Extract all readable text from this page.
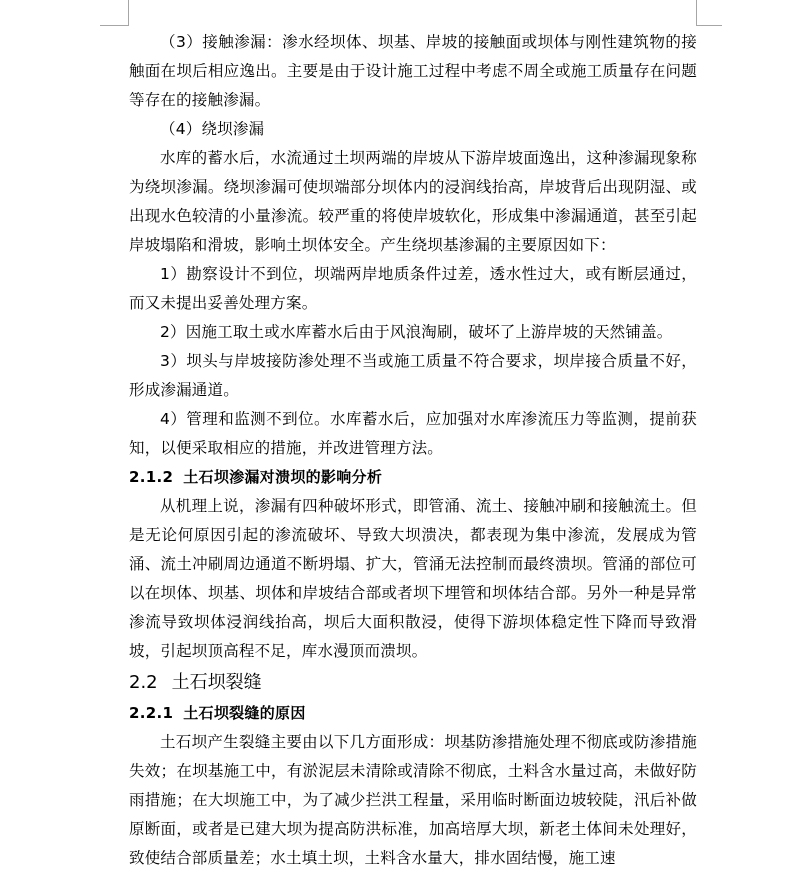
（3）接触渗漏：渗水经坝体、坝基、岸坡的接触面或坝体与刚性建筑物的接触面在坝后相应逸出。主要是由于设计施工过程中考虑不周全或施工质量存在问题等存在的接触渗漏。

（4）绕坝渗漏

水库的蓄水后，水流通过土坝两端的岸坡从下游岸坡面逸出，这种渗漏现象称为绕坝渗漏。绕坝渗漏可使坝端部分坝体内的浸润线抬高，岸坡背后出现阴湿、或出现水色较清的小量渗流。较严重的将使岸坡软化，形成集中渗漏通道，甚至引起岸坡塌陷和滑坡，影响土坝体安全。产生绕坝基渗漏的主要原因如下：

1）勘察设计不到位，坝端两岸地质条件过差，透水性过大，或有断层通过，而又未提出妥善处理方案。

2）因施工取土或水库蓄水后由于风浪淘刷，破坏了上游岸坡的天然铺盖。

3）坝头与岸坡接防渗处理不当或施工质量不符合要求，坝岸接合质量不好，形成渗漏通道。

4）管理和监测不到位。水库蓄水后，应加强对水库渗流压力等监测，提前获知，以便采取相应的措施，并改进管理方法。

2.1.2 土石坝渗漏对溃坝的影响分析

从机理上说，渗漏有四种破坏形式，即管涌、流土、接触冲刷和接触流土。但是无论何原因引起的渗流破坏、导致大坝溃决，都表现为集中渗流，发展成为管涌、流土冲刷周边通道不断坍塌、扩大，管涌无法控制而最终溃坝。管涌的部位可以在坝体、坝基、坝体和岸坡结合部或者坝下埋管和坝体结合部。另外一种是异常渗流导致坝体浸润线抬高，坝后大面积散浸，使得下游坝体稳定性下降而导致滑坡，引起坝顶高程不足，库水漫顶而溃坝。

2.2 土石坝裂缝
2.2.1 土石坝裂缝的原因

土石坝产生裂缝主要由以下几方面形成：坝基防渗措施处理不彻底或防渗措施失效；在坝基施工中，有淤泥层未清除或清除不彻底，土料含水量过高，未做好防雨措施；在大坝施工中，为了减少拦洪工程量，采用临时断面边坡较陡，汛后补做原断面，或者是已建大坝为提高防洪标准，加高培厚大坝，新老土体间未处理好，致使结合部质量差；水土填土坝，土料含水量大，排水固结慢，施工速
